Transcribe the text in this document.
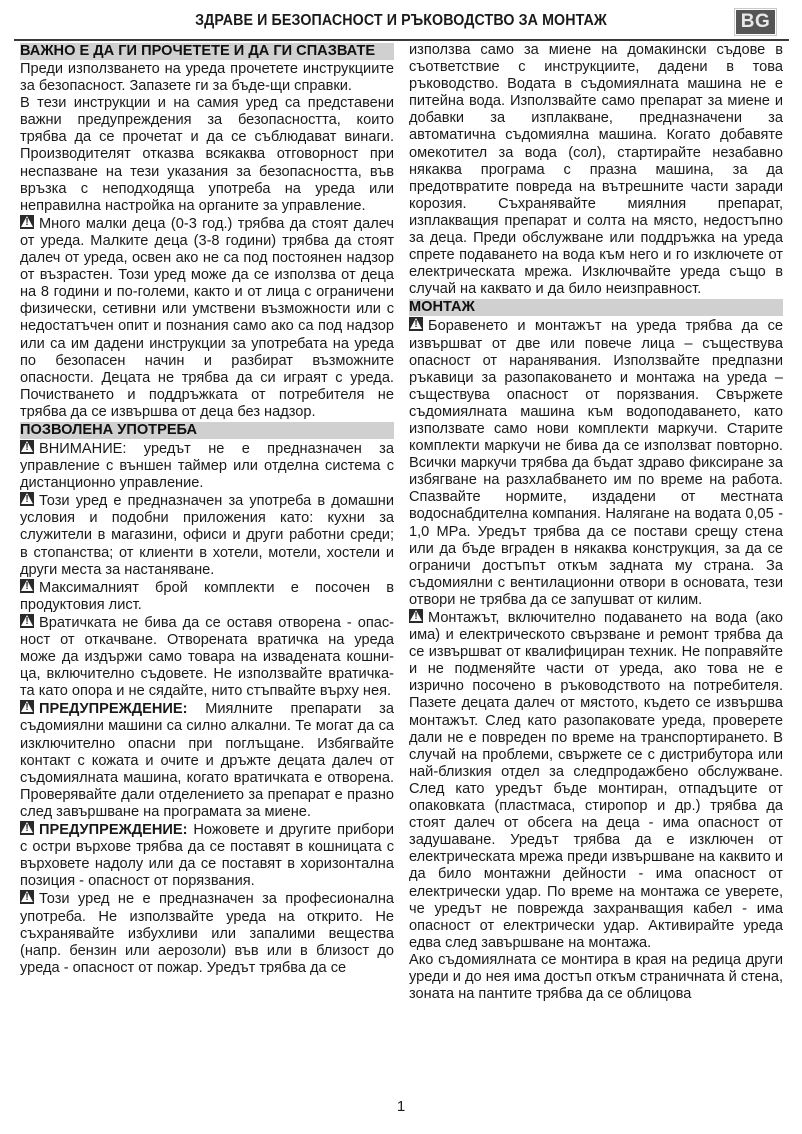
ЗДРАВЕ И БЕЗОПАСНОСТ И РЪКОВОДСТВО ЗА МОНТАЖ	BG
ВАЖНО Е ДА ГИ ПРОЧЕТЕТЕ И ДА ГИ СПАЗВАТЕ

Преди използването на уреда прочетете инструкциите за безопасност. Запазете ги за бъде-щи справки.

В тези инструкции и на самия уред са представени важни предупреждения за безопасността, които трябва да се прочетат и да се съблюдават винаги. Производителят отказва всякаква отговорност при неспазване на тези указания за безопасността, във връзка с неподходяща употреба на уреда или неправилна настройка на органите за управление.

!Много малки деца (0-3 год.) трябва да стоят далеч от уреда. Малките деца (3-8 години) трябва да стоят далеч от уреда, освен ако не са под постоянен надзор от възрастен. Този уред може да се използва от деца на 8 години и по-големи, както и от лица с ограничени физически, сетивни или умствени възможности или с недостатъчен опит и познания само ако са под надзор или са им дадени инструкции за употребата на уреда по безопасен начин и разбират възможните опасности. Децата не трябва да си играят с уреда. Почистването и поддръжката от потребителя не трябва да се извършва от деца без надзор.

ПОЗВОЛЕНА УПОТРЕБА

!ВНИМАНИЕ: уредът не е предназначен за управление с външен таймер или отделна система с дистанционно управление.

!Този уред е предназначен за употреба в домашни условия и подобни приложения като: кухни за служители в магазини, офиси и други работни среди; в стопанства; от клиенти в хотели, мотели, хостели и други места за настаняване.

!Максималният брой комплекти е посочен в продуктовия лист.

!Вратичката не бива да се оставя отворена - опас-ност от откачване. Отворената вратичка на уреда може да издържи само товара на извадената кошни-ца, включително съдовете. Не използвайте вратичка-та като опора и не сядайте, нито стъпвайте върху нея.

!ПРЕДУПРЕЖДЕНИЕ: Миялните препарати за съдомиялни машини са силно алкални. Те могат да са изключително опасни при поглъщане. Избягвайте контакт с кожата и очите и дръжте децата далеч от съдомиялната машина, когато вратичката е отворена. Проверявайте дали отделението за препарат е празно след завършване на програмата за миене.

!ПРЕДУПРЕЖДЕНИЕ: Ножовете и другите прибори с остри върхове трябва да се поставят в кошницата с върховете надолу или да се поставят в хоризонтална позиция - опасност от порязвания.

!Този уред не е предназначен за професионална употреба. Не използвайте уреда на открито. Не съхранявайте избухливи или запалими вещества (напр. бензин или аерозоли) във или в близост до уреда - опасност от пожар. Уредът трябва да се

използва само за миене на домакински съдове в съответствие с инструкциите, дадени в това ръководство. Водата в съдомиялната машина не е питейна вода. Използвайте само препарат за миене и добавки за изплакване, предназначени за автоматична съдомиялна машина. Когато добавяте омекотител за вода (сол), стартирайте незабавно някаква програма с празна машина, за да предотвратите повреда на вътрешните части заради корозия. Съхранявайте миялния препарат, изплакващия препарат и солта на място, недостъпно за деца. Преди обслужване или поддръжка на уреда спрете подаването на вода към него и го изключете от електрическата мрежа. Изключвайте уреда също в случай на каквато и да било неизправност.

МОНТАЖ

!Боравенето и монтажът на уреда трябва да се извършват от две или повече лица – съществува опасност от наранявания. Използвайте предпазни ръкавици за разопаковането и монтажа на уреда – съществува опасност от порязвания. Свържете съдомиялната машина към водоподаването, като използвате само нови комплекти маркучи. Старите комплекти маркучи не бива да се използват повторно. Всички маркучи трябва да бъдат здраво фиксиране за избягване на разхлабването им по време на работа. Спазвайте нормите, издадени от местната водоснабдителна компания. Налягане на водата 0,05 - 1,0 MPa. Уредът трябва да се постави срещу стена или да бъде вграден в някаква конструкция, за да се ограничи достъпът откъм задната му страна. За съдомиялни с вентилационни отвори в основата, тези отвори не трябва да се запушват от килим.

!Монтажът, включително подаването на вода (ако има) и електрическото свързване и ремонт трябва да се извършват от квалифициран техник. Не поправяйте и не подменяйте части от уреда, ако това не е изрично посочено в ръководството на потребителя. Пазете децата далеч от мястото, където се извършва монтажът. След като разопаковате уреда, проверете дали не е повреден по време на транспортирането. В случай на проблеми, свържете се с дистрибутора или най-близкия отдел за следпродажбено обслужване. След като уредът бъде монтиран, отпадъците от опаковката (пластмаса, стиропор и др.) трябва да стоят далеч от обсега на деца - има опасност от задушаване. Уредът трябва да е изключен от електрическата мрежа преди извършване на каквито и да било монтажни дейности - има опасност от електрически удар. По време на монтажа се уверете, че уредът не поврежда захранващия кабел - има опасност от електрически удар. Активирайте уреда едва след завършване на монтажа.

Ако съдомиялната се монтира в края на редица други уреди и до нея има достъп откъм страничната й стена, зоната на пантите трябва да се облицова

1
